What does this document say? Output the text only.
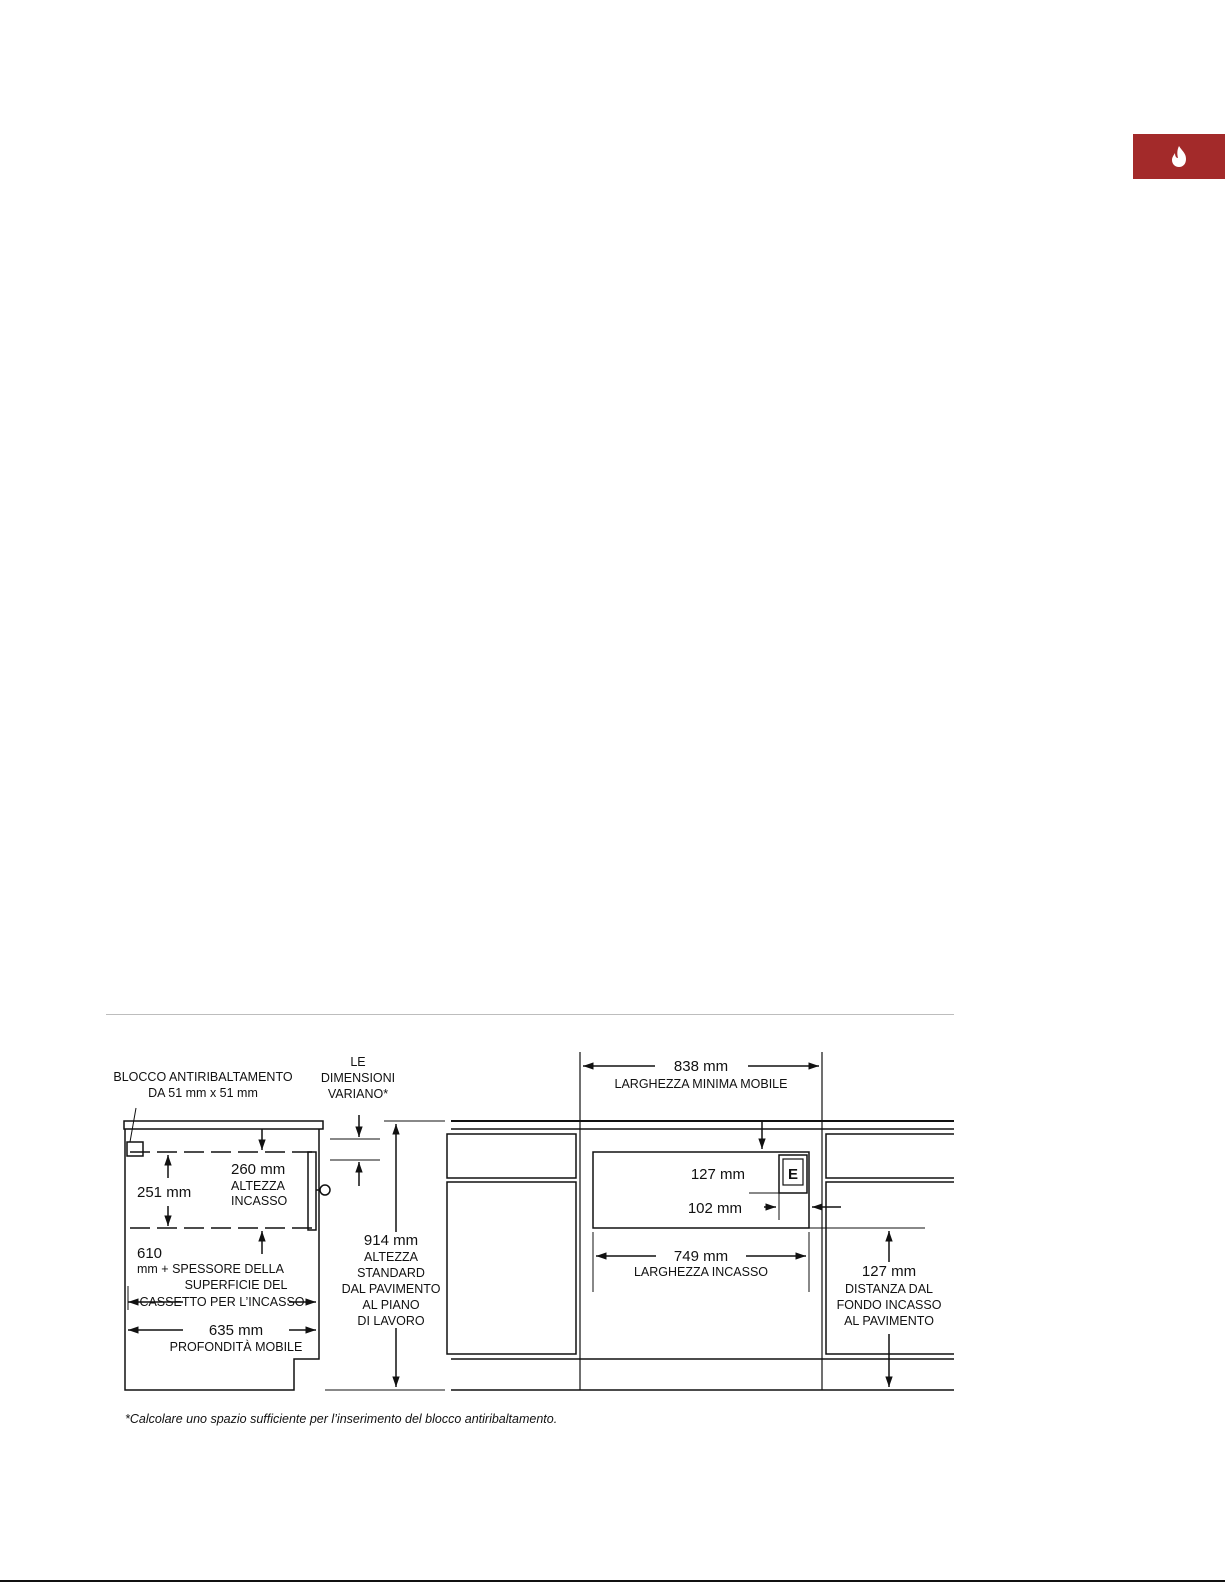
BLOCCO ANTIRIBALTAMENTO
DA 51 mm x 51 mm
260 mm
ALTEZZA
INCASSO
251 mm
610
mm + SPESSORE DELLA
SUPERFICIE DEL
CASSETTO PER L’INCASSO
635 mm
PROFONDITÀ MOBILE
LE
DIMENSIONI
VARIANO*
914 mm
ALTEZZA
STANDARD
DAL PAVIMENTO
AL PIANO
DI LAVORO
838 mm
LARGHEZZA MINIMA MOBILE
127 mm	E
102 mm
749 mm
LARGHEZZA INCASSO	127 mm
DISTANZA DAL
FONDO INCASSO
AL PAVIMENTO
*Calcolare uno spazio sufficiente per l’inserimento del blocco antiribaltamento.
